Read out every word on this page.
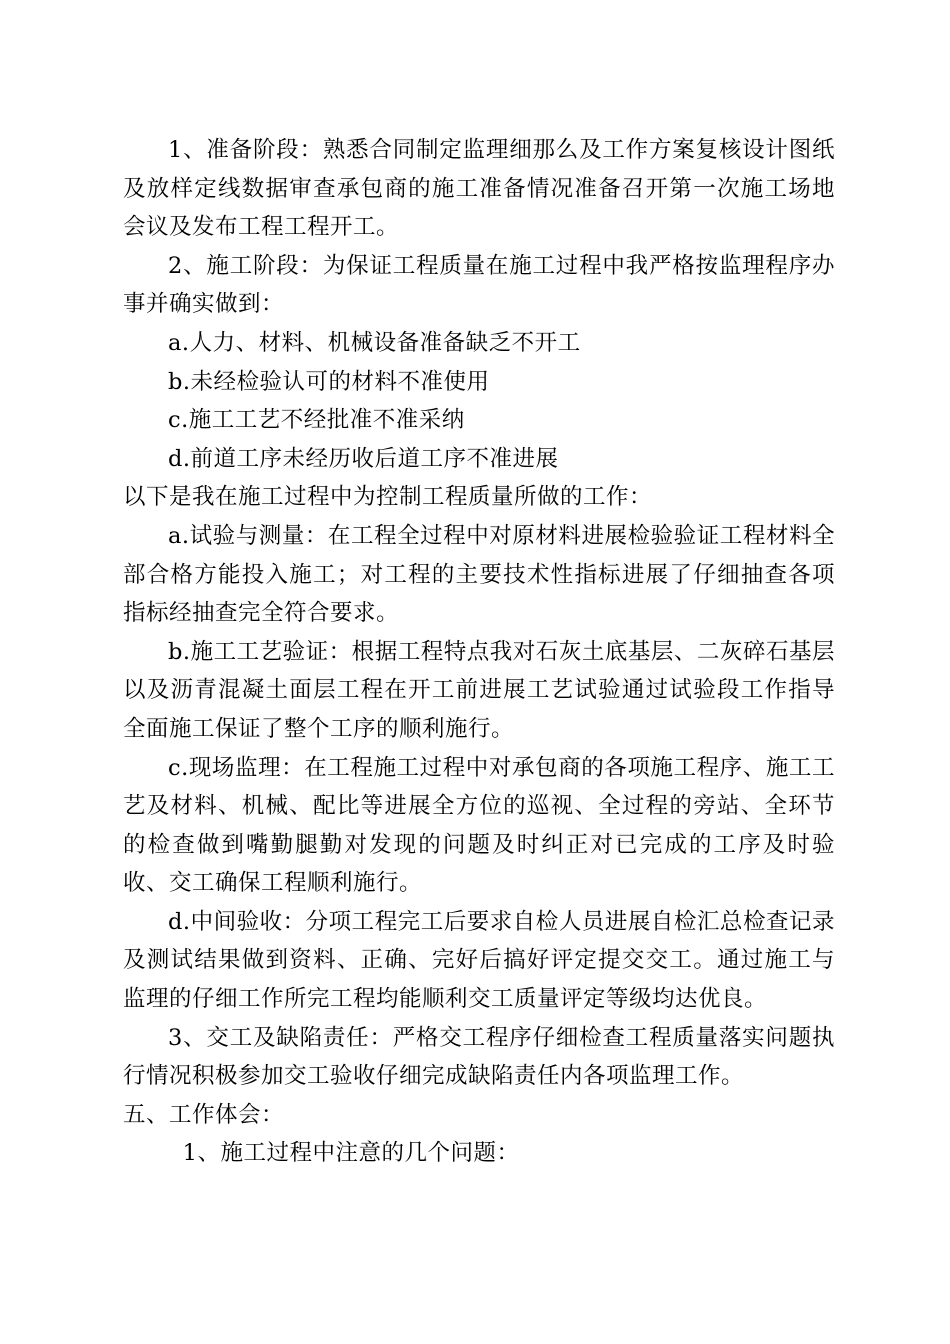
1、准备阶段：熟悉合同制定监理细那么及工作方案复核设计图纸及放样定线数据审查承包商的施工准备情况准备召开第一次施工场地会议及发布工程工程开工。

2、施工阶段：为保证工程质量在施工过程中我严格按监理程序办事并确实做到：

a.人力、材料、机械设备准备缺乏不开工

b.未经检验认可的材料不准使用

c.施工工艺不经批准不准采纳

d.前道工序未经历收后道工序不准进展

以下是我在施工过程中为控制工程质量所做的工作：

a.试验与测量：在工程全过程中对原材料进展检验验证工程材料全部合格方能投入施工；对工程的主要技术性指标进展了仔细抽查各项指标经抽查完全符合要求。

b.施工工艺验证：根据工程特点我对石灰土底基层、二灰碎石基层以及沥青混凝土面层工程在开工前进展工艺试验通过试验段工作指导全面施工保证了整个工序的顺利施行。

c.现场监理：在工程施工过程中对承包商的各项施工程序、施工工艺及材料、机械、配比等进展全方位的巡视、全过程的旁站、全环节的检查做到嘴勤腿勤对发现的问题及时纠正对已完成的工序及时验收、交工确保工程顺利施行。

d.中间验收：分项工程完工后要求自检人员进展自检汇总检查记录及测试结果做到资料、正确、完好后搞好评定提交交工。通过施工与监理的仔细工作所完工程均能顺利交工质量评定等级均达优良。

3、交工及缺陷责任：严格交工程序仔细检查工程质量落实问题执行情况积极参加交工验收仔细完成缺陷责任内各项监理工作。

五、工作体会：

1、施工过程中注意的几个问题：
